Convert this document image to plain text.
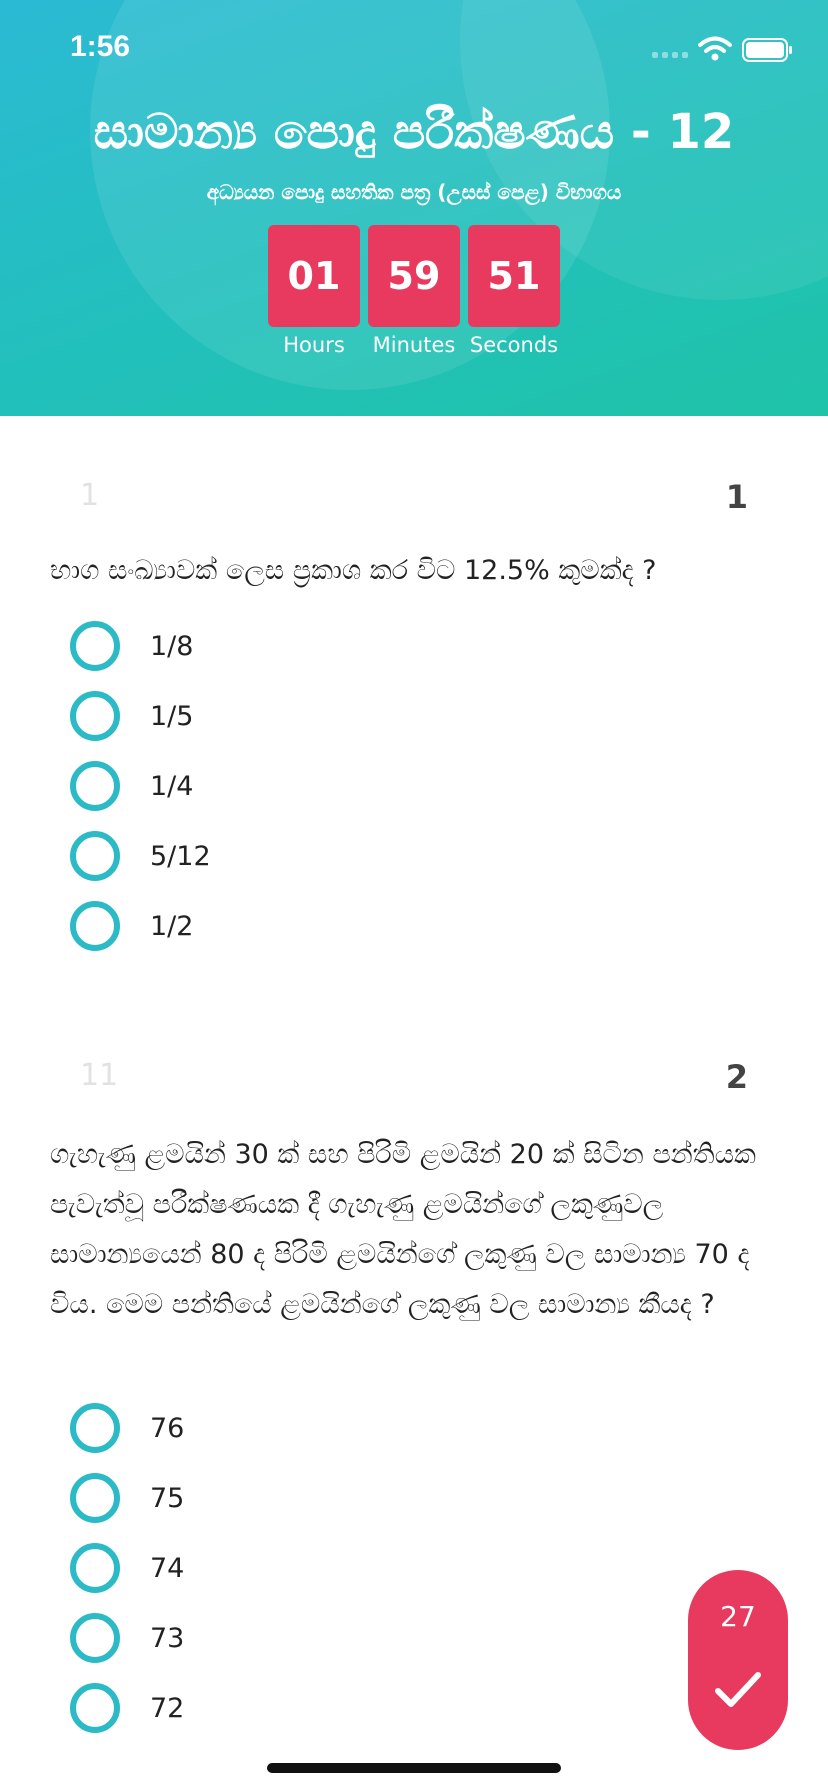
1:56
සාමාන්‍ය පොදු පරීක්ෂණය - 12
අධ්‍යයන පොදු සහතික පත්‍ර (උසස් පෙළ) විභාගය
01
Hours
59
Minutes
51
Seconds
1	1
භාග සංඛ්‍යාවක් ලෙස ප්‍රකාශ කර විට 12.5% කුමක්ද ?
1/8
1/5
1/4
5/12
1/2
11	2
ගැහැණු ළමයින් 30 ක් සහ පිරිමි ළමයින් 20 ක් සිටින පන්තියක පැවැත්වූ පරීක්ෂණයක දී ගැහැණු ළමයින්ගේ ලකුණුවල සාමාන්‍යයෙන් 80 ද පිරිමි ළමයින්ගේ ලකුණු වල සාමාන්‍ය 70 ද විය. මෙම පන්තියේ ළමයින්ගේ ලකුණු වල සාමාන්‍ය කීයද ?
76
75
74
73
72
27
